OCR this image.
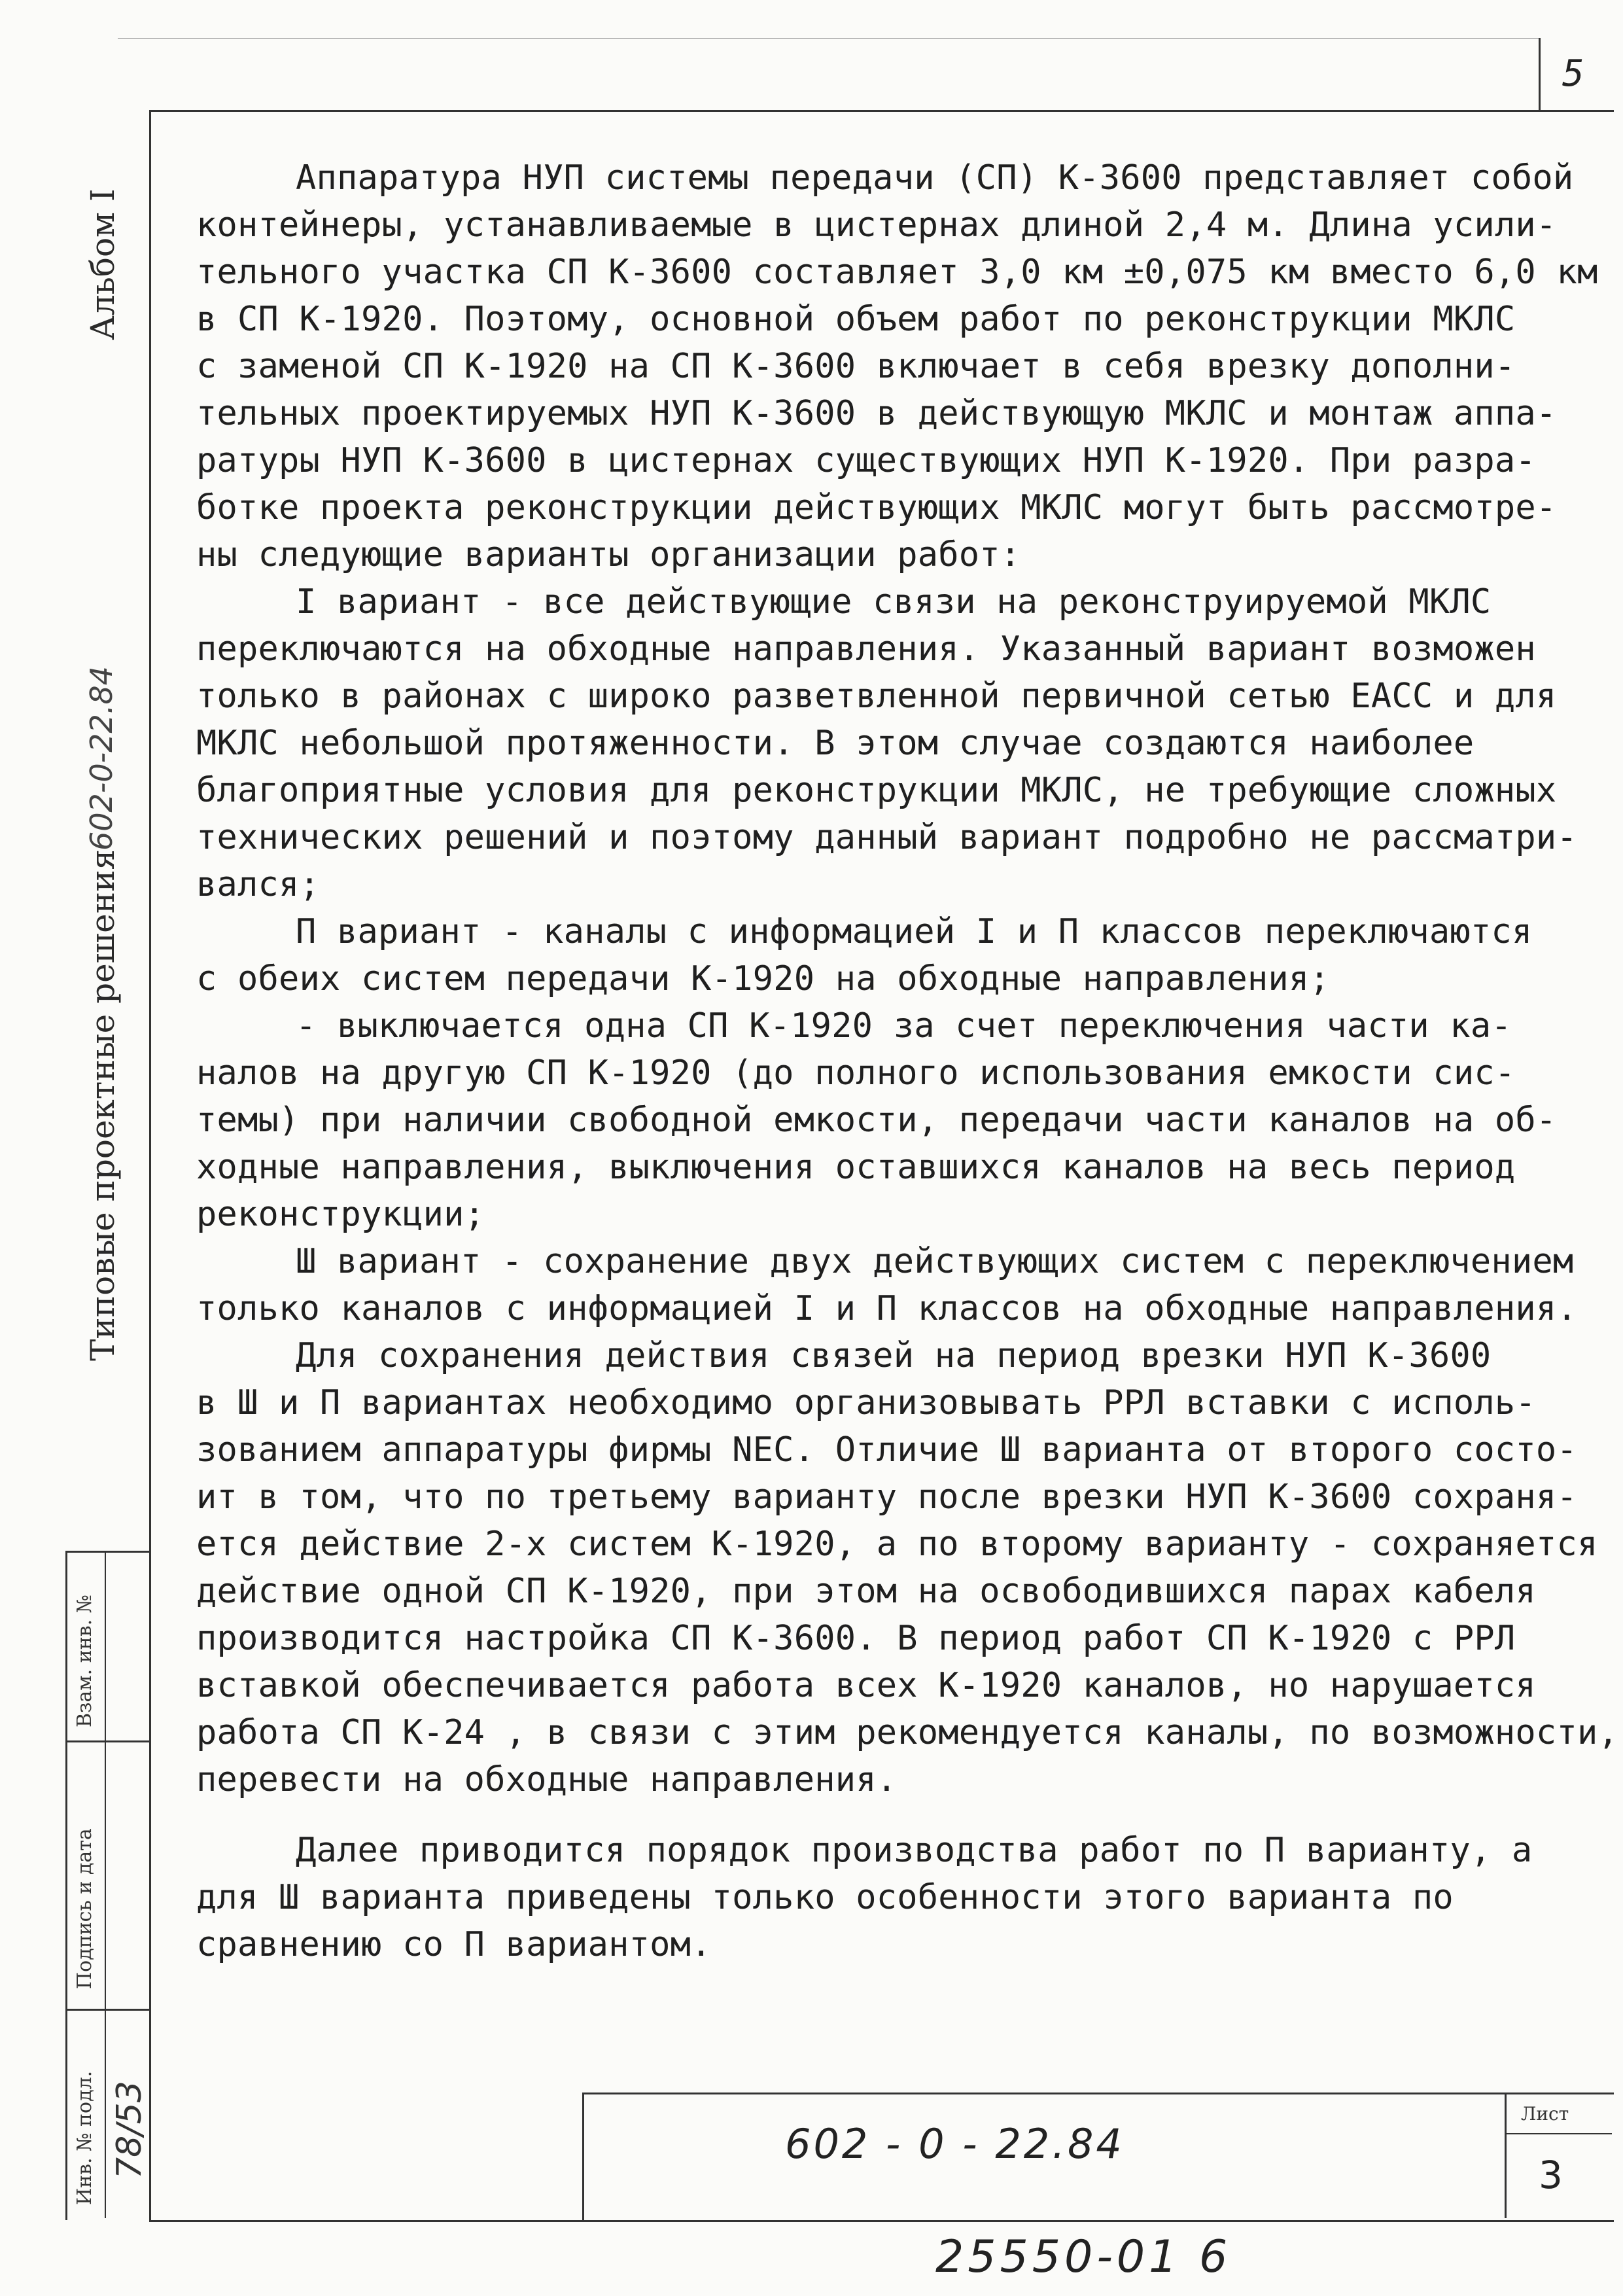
5
Альбом I
602-0-22.84
Типовые проектные решения
Взам. инв. №
Подпись и дата
Инв. № подл. 78/53
Аппаратура НУП системы передачи (СП) К-3600 представляет собой
контейнеры, устанавливаемые в цистернах длиной 2,4 м. Длина усили-
тельного участка СП К-3600 составляет 3,0 км ±0,075 км вместо 6,0 км
в СП К-1920. Поэтому, основной объем работ по реконструкции МКЛС
с заменой СП К-1920 на СП К-3600 включает в себя врезку дополни-
тельных проектируемых НУП К-3600 в действующую МКЛС и монтаж аппа-
ратуры НУП К-3600 в цистернах существующих НУП К-1920. При разра-
ботке проекта реконструкции действующих МКЛС могут быть рассмотре-
ны следующие варианты организации работ:
I вариант - все действующие связи на реконструируемой МКЛС
переключаются на обходные направления. Указанный вариант возможен
только в районах с широко разветвленной первичной сетью ЕАСС и для
МКЛС небольшой протяженности. В этом случае создаются наиболее
благоприятные условия для реконструкции МКЛС, не требующие сложных
технических решений и поэтому данный вариант подробно не рассматри-
вался;
П вариант - каналы с информацией I и П классов переключаются
с обеих систем передачи К-1920 на обходные направления;
- выключается одна СП К-1920 за счет переключения части ка-
налов на другую СП К-1920 (до полного использования емкости сис-
темы) при наличии свободной емкости, передачи части каналов на об-
ходные направления, выключения оставшихся каналов на весь период
реконструкции;
Ш вариант - сохранение двух действующих систем с переключением
только каналов с информацией I и П классов на обходные направления.
Для сохранения действия связей на период врезки НУП К-3600
в Ш и П вариантах необходимо организовывать РРЛ вставки с исполь-
зованием аппаратуры фирмы NEC. Отличие Ш варианта от второго состо-
ит в том, что по третьему варианту после врезки НУП К-3600 сохраня-
ется действие 2-х систем К-1920, а по второму варианту - сохраняется
действие одной СП К-1920, при этом на освободившихся парах кабеля
производится настройка СП К-3600. В период работ СП К-1920 с РРЛ
вставкой обеспечивается работа всех К-1920 каналов, но нарушается
работа СП К-24 , в связи с этим рекомендуется каналы, по возможности,
перевести на обходные направления.
Далее приводится порядок производства работ по П варианту, а
для Ш варианта приведены только особенности этого варианта по
сравнению со П вариантом.
602 - 0 - 22.84
Лист
3
25550-01 6
